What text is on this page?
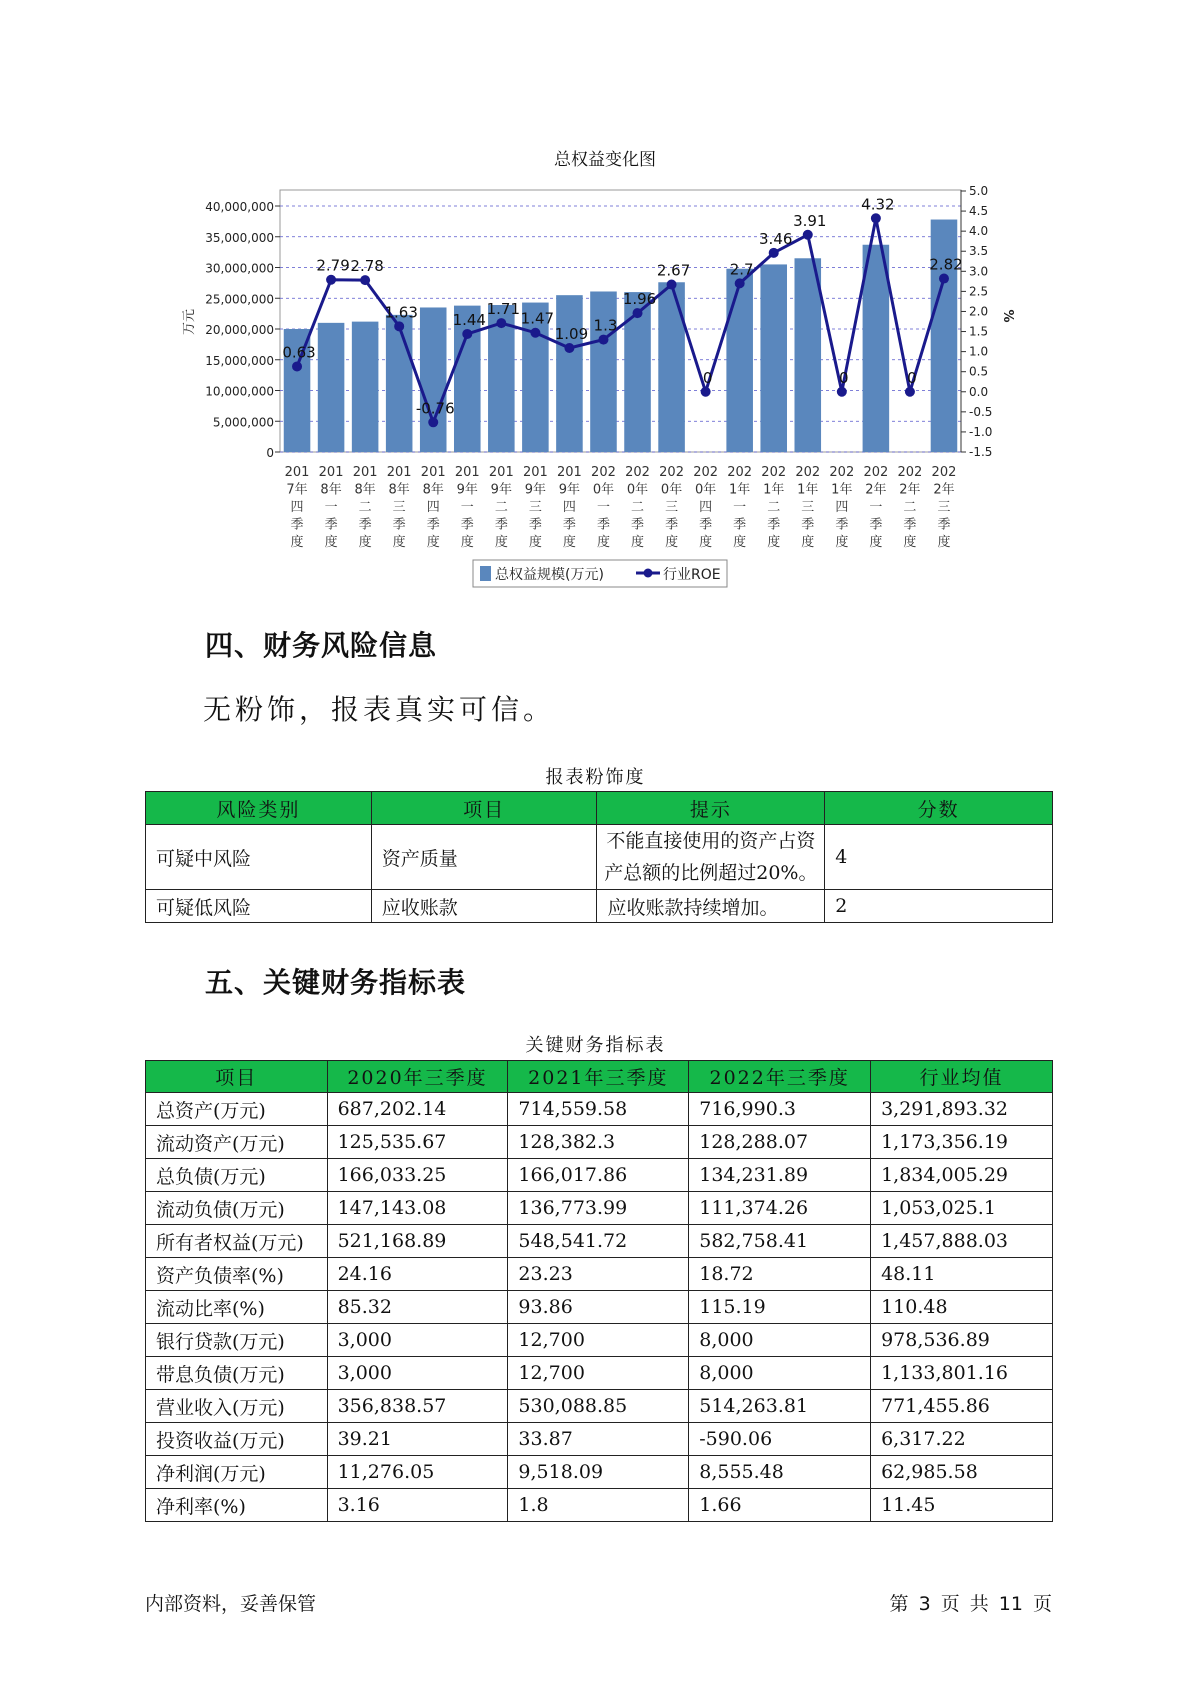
总权益变化图
40,000,000
35,000,000
30,000,000
25,000,000
20,000,000
15,000,000
10,000,000
5,000,000
0
万元
5.0
4.5
4.0
3.5
3.0
2.5
2.0
1.5
1.0
0.5
0.0
-0.5
-1.0
-1.5
%
0.63
2.79 2.78
1.63
-0.76
1.44
1.71
1.47
1.09 1.3
1.96
2.67
0
2.7
3.46
3.91
0
4.32
0
2.82
201
7年
四
季
度
201
8年
一
季
度
201
8年
二
季
度
201
8年
三
季
度
201
8年
四
季
度
201
9年
一
季
度
201
9年
二
季
度
201
9年
三
季
度
201
9年
四
季
度
202
0年
一
季
度
202
0年
二
季
度
202
0年
三
季
度
202
0年
四
季
度
202
1年
一
季
度
202
1年
二
季
度
202
1年
三
季
度
202
1年
四
季
度
202
2年
一
季
度
202
2年
二
季
度
202
2年
三
季
度
总权益规模(万元)	行业ROE
四、财务风险信息
无粉饰，报表真实可信。
报表粉饰度
风险类别	项目	提示	分数
可疑中风险	资产质量	不能直接使用的资产占资产总额的比例超过20%。	4
可疑低风险	应收账款	应收账款持续增加。	2
五、关键财务指标表
关键财务指标表
项目	2020年三季度	2021年三季度	2022年三季度	行业均值
总资产(万元)	687,202.14	714,559.58	716,990.3	3,291,893.32
流动资产(万元)	125,535.67	128,382.3	128,288.07	1,173,356.19
总负债(万元)	166,033.25	166,017.86	134,231.89	1,834,005.29
流动负债(万元)	147,143.08	136,773.99	111,374.26	1,053,025.1
所有者权益(万元)	521,168.89	548,541.72	582,758.41	1,457,888.03
资产负债率(%)	24.16	23.23	18.72	48.11
流动比率(%)	85.32	93.86	115.19	110.48
银行贷款(万元)	3,000	12,700	8,000	978,536.89
带息负债(万元)	3,000	12,700	8,000	1,133,801.16
营业收入(万元)	356,838.57	530,088.85	514,263.81	771,455.86
投资收益(万元)	39.21	33.87	-590.06	6,317.22
净利润(万元)	11,276.05	9,518.09	8,555.48	62,985.58
净利率(%)	3.16	1.8	1.66	11.45
内部资料，妥善保管	第 3 页 共 11 页
